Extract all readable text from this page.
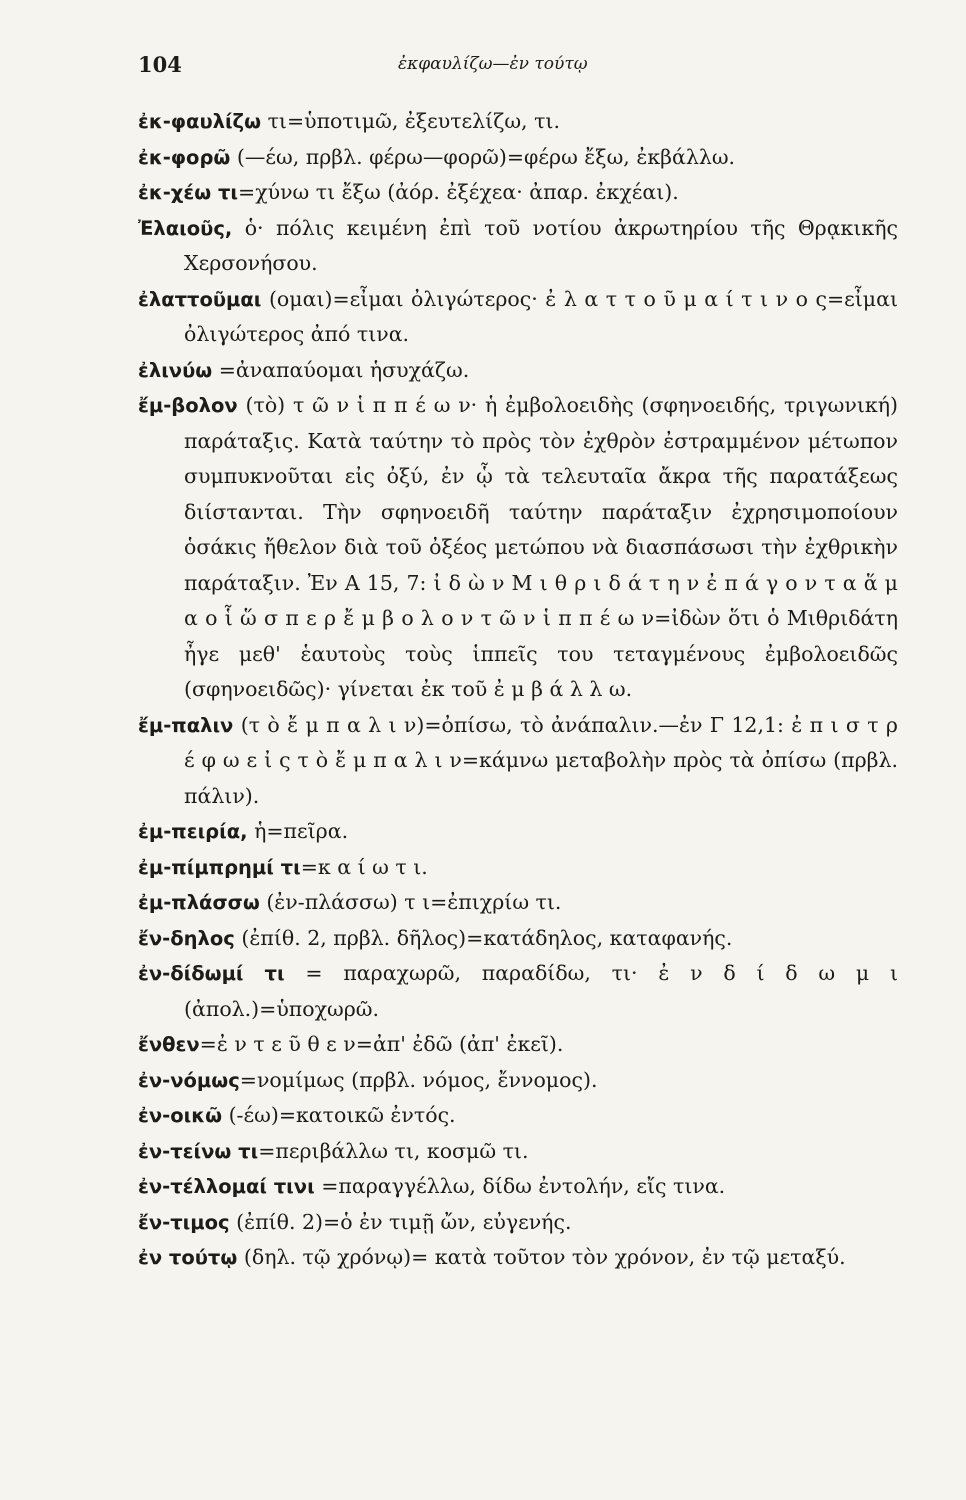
104	ἐκφαυλίζω—ἐν τούτῳ

ἐκ-φαυλίζω τι=ὑποτιμῶ, ἐξευτελίζω, τι.

ἐκ-φορῶ (—έω, πρβλ. φέρω—φορῶ)=φέρω ἔξω, ἐκβάλλω.

ἐκ-χέω τι=χύνω τι ἔξω (ἀόρ. ἐξέχεα· ἀπαρ. ἐκχέαι).

Ἐλαιοῦς, ὁ· πόλις κειμένη ἐπὶ τοῦ νοτίου ἀκρωτηρίου τῆς Θρᾳκικῆς Χερσονήσου.

ἐλαττοῦμαι (ομαι)=εἶμαι ὀλιγώτερος· ἐ λ α τ τ ο ῦ μ α ί τ ι ν ο ς=εἶμαι ὀλιγώτερος ἀπό τινα.

ἐλινύω =ἀναπαύομαι ἡσυχάζω.

ἔμ-βολον (τὸ) τ ῶ ν ἱ π π έ ω ν· ἡ ἐμβολοειδὴς (σφηνοειδής, τριγωνική) παράταξις. Κατὰ ταύτην τὸ πρὸς τὸν ἐχθρὸν ἐστραμμένον μέτωπον συμπυκνοῦται εἰς ὀξύ, ἐν ᾧ τὰ τελευταῖα ἄκρα τῆς παρατάξεως διίστανται. Τὴν σφηνοειδῆ ταύτην παράταξιν ἐχρησιμοποίουν ὁσάκις ἤθελον διὰ τοῦ ὀξέος μετώπου νὰ διασπάσωσι τὴν ἐχθρικὴν παράταξιν. Ἐν Α 15, 7: ἰ δ ὼ ν Μ ι θ ρ ι δ ά τ η ν ἐ π ά γ ο ν τ α ἅ μ α ο ἷ ὥ σ π ε ρ ἔ μ β ο λ ο ν τ ῶ ν ἱ π π έ ω ν=ἰδὼν ὅτι ὁ Μιθριδάτη ἦγε μεθ' ἑαυτοὺς τοὺς ἱππεῖς του τεταγμένους ἐμβολοειδῶς (σφηνοειδῶς)· γίνεται ἐκ τοῦ ἐ μ β ά λ λ ω.

ἔμ-παλιν (τ ὸ ἔ μ π α λ ι ν)=ὀπίσω, τὸ ἀνάπαλιν.—ἐν Γ 12,1: ἐ π ι σ τ ρ έ φ ω ε ἰ ς τ ὸ ἔ μ π α λ ι ν=κάμνω μεταβολὴν πρὸς τὰ ὀπίσω (πρβλ. πάλιν).

ἐμ-πειρία, ἡ=πεῖρα.

ἐμ-πίμπρημί τι=κ α ί ω τ ι.

ἐμ-πλάσσω (ἐν-πλάσσω) τ ι=ἐπιχρίω τι.

ἔν-δηλος (ἐπίθ. 2, πρβλ. δῆλος)=κατάδηλος, καταφανής.

ἐν-δίδωμί τι = παραχωρῶ, παραδίδω, τι· ἐ ν δ ί δ ω μ ι (ἀπολ.)=ὑποχωρῶ.

ἔνθεν=ἐ ν τ ε ῦ θ ε ν=ἀπ' ἐδῶ (ἀπ' ἐκεῖ).

ἐν-νόμως=νομίμως (πρβλ. νόμος, ἔννομος).

ἐν-οικῶ (-έω)=κατοικῶ ἐντός.

ἐν-τείνω τι=περιβάλλω τι, κοσμῶ τι.

ἐν-τέλλομαί τινι =παραγγέλλω, δίδω ἐντολήν, εἴς τινα.

ἔν-τιμος (ἐπίθ. 2)=ὁ ἐν τιμῇ ὤν, εὐγενής.

ἐν τούτῳ (δηλ. τῷ χρόνῳ)= κατὰ τοῦτον τὸν χρόνον, ἐν τῷ μεταξύ.
